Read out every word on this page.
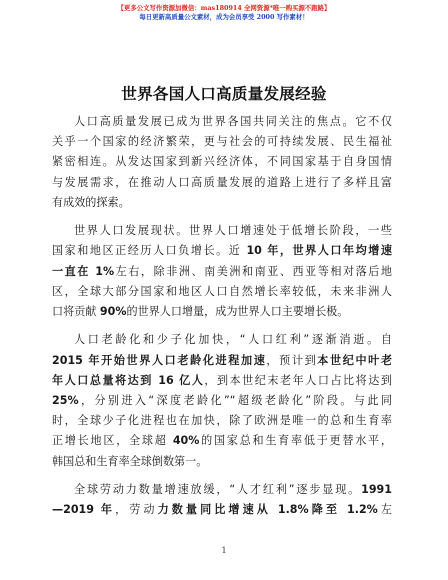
【更多公文写作资源加微信：mas180914 全网资源*唯一购买源不跑路】
每日更新高质量公文素材，成为会员享受 2000 写作素材！
世界各国人口高质量发展经验
人口高质量发展已成为世界各国共同关注的焦点。它不仅
关乎一个国家的经济繁荣，更与社会的可持续发展、民生福祉
紧密相连。从发达国家到新兴经济体，不同国家基于自身国情
与发展需求，在推动人口高质量发展的道路上进行了多样且富
有成效的探索。
世界人口发展现状。世界人口增速处于低增长阶段，一些
国家和地区正经历人口负增长。近 10 年，世界人口年均增速
一直在 1%左右，除非洲、南美洲和南亚、西亚等相对落后地
区，全球大部分国家和地区人口自然增长率较低，未来非洲人
口将贡献 90%的世界人口增量，成为世界人口主要增长极。
人口老龄化和少子化加快，“人口红利”逐渐消逝。自
2015 年开始世界人口老龄化进程加速，预计到本世纪中叶老
年人口总量将达到 16 亿人，到本世纪末老年人口占比将达到
25%，分别进入“深度老龄化”“超级老龄化”阶段。与此同
时，全球少子化进程也在加快，除了欧洲是唯一的总和生育率
正增长地区，全球超 40%的国家总和生育率低于更替水平，
韩国总和生育率全球倒数第一。
全球劳动力数量增速放缓，“人才红利”逐步显现。1991
—2019 年，劳动力数量同比增速从 1.8%降至 1.2%左
1
